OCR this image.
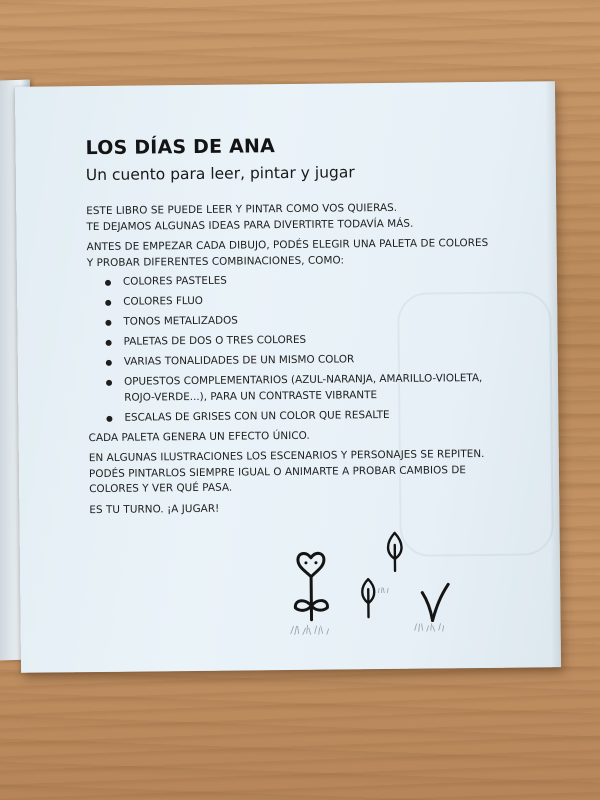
LOS DÍAS DE ANA
Un cuento para leer, pintar y jugar

ESTE LIBRO SE PUEDE LEER Y PINTAR COMO VOS QUIERAS.
TE DEJAMOS ALGUNAS IDEAS PARA DIVERTIRTE TODAVÍA MÁS.

ANTES DE EMPEZAR CADA DIBUJO, PODÉS ELEGIR UNA PALETA DE COLORES
Y PROBAR DIFERENTES COMBINACIONES, COMO:

COLORES PASTELES
COLORES FLUO
TONOS METALIZADOS
PALETAS DE DOS O TRES COLORES
VARIAS TONALIDADES DE UN MISMO COLOR
OPUESTOS COMPLEMENTARIOS (AZUL-NARANJA, AMARILLO-VIOLETA,
ROJO-VERDE...), PARA UN CONTRASTE VIBRANTE
ESCALAS DE GRISES CON UN COLOR QUE RESALTE

CADA PALETA GENERA UN EFECTO ÚNICO.

EN ALGUNAS ILUSTRACIONES LOS ESCENARIOS Y PERSONAJES SE REPITEN.
PODÉS PINTARLOS SIEMPRE IGUAL O ANIMARTE A PROBAR CAMBIOS DE
COLORES Y VER QUÉ PASA.

ES TU TURNO. ¡A JUGAR!
